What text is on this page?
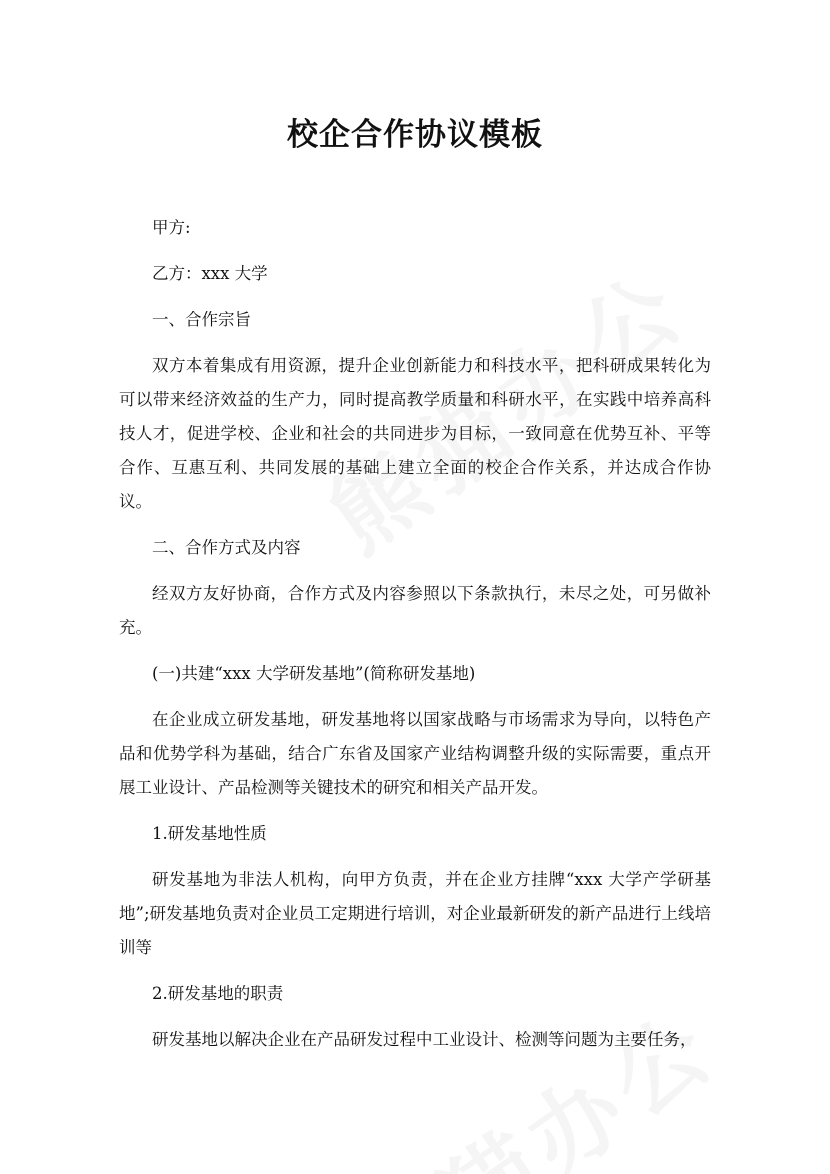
校企合作协议模板

甲方:

乙方：xxx 大学

一、合作宗旨

双方本着集成有用资源，提升企业创新能力和科技水平，把科研成果转化为可以带来经济效益的生产力，同时提高教学质量和科研水平，在实践中培养高科技人才，促进学校、企业和社会的共同进步为目标，一致同意在优势互补、平等合作、互惠互利、共同发展的基础上建立全面的校企合作关系，并达成合作协议。

二、合作方式及内容

经双方友好协商，合作方式及内容参照以下条款执行，未尽之处，可另做补充。

(一)共建“xxx 大学研发基地”(简称研发基地)

在企业成立研发基地，研发基地将以国家战略与市场需求为导向，以特色产品和优势学科为基础，结合广东省及国家产业结构调整升级的实际需要，重点开展工业设计、产品检测等关键技术的研究和相关产品开发。

1.研发基地性质

研发基地为非法人机构，向甲方负责，并在企业方挂牌“xxx 大学产学研基地”;研发基地负责对企业员工定期进行培训，对企业最新研发的新产品进行上线培训等

2.研发基地的职责

研发基地以解决企业在产品研发过程中工业设计、检测等问题为主要任务，
